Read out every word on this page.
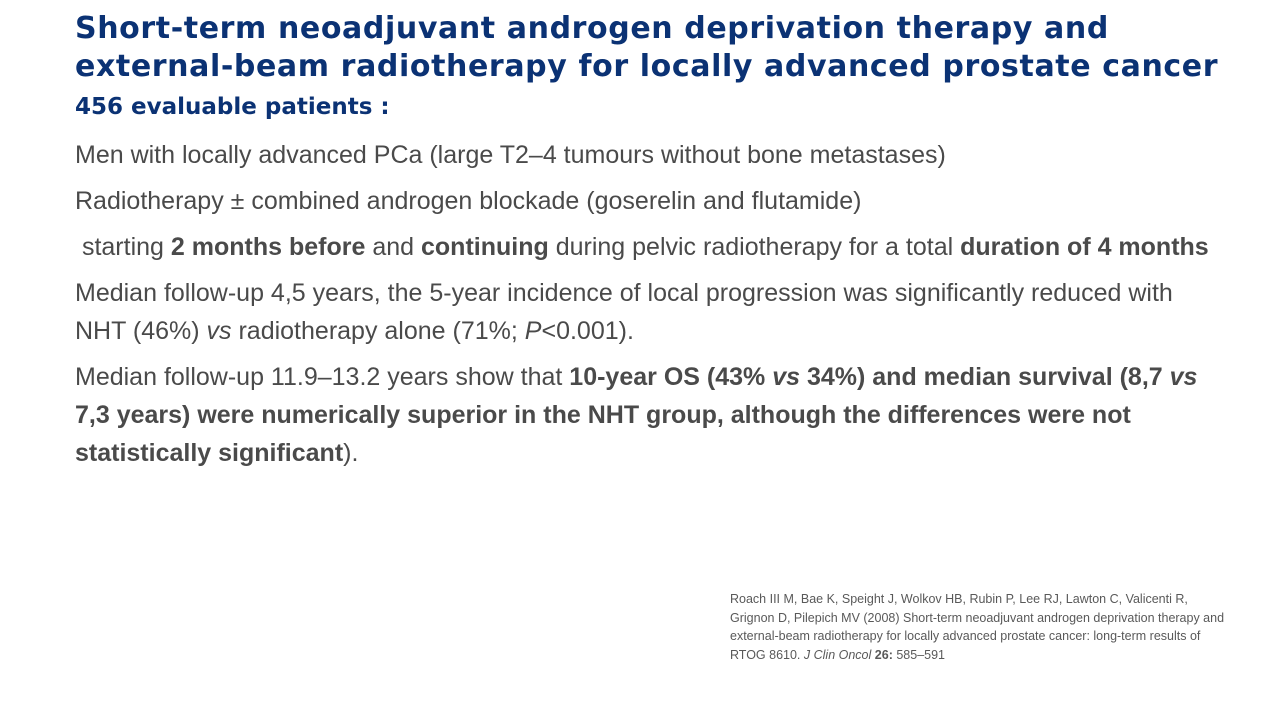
Short-term neoadjuvant androgen deprivation therapy and external-beam radiotherapy for locally advanced prostate cancer 456 evaluable patients :

Men with locally advanced PCa (large T2–4 tumours without bone metastases)

Radiotherapy ± combined androgen blockade (goserelin and flutamide)

starting 2 months before and continuing during pelvic radiotherapy for a total duration of 4 months

Median follow-up 4,5 years, the 5-year incidence of local progression was significantly reduced with NHT (46%) vs radiotherapy alone (71%; P<0.001).

Median follow-up 11.9–13.2 years show that 10-year OS (43% vs 34%) and median survival (8,7 vs 7,3 years) were numerically superior in the NHT group, although the differences were not statistically significant).

Roach III M, Bae K, Speight J, Wolkov HB, Rubin P, Lee RJ, Lawton C, Valicenti R, Grignon D, Pilepich MV (2008) Short-term neoadjuvant androgen deprivation therapy and external-beam radiotherapy for locally advanced prostate cancer: long-term results of RTOG 8610. J Clin Oncol 26: 585–591
